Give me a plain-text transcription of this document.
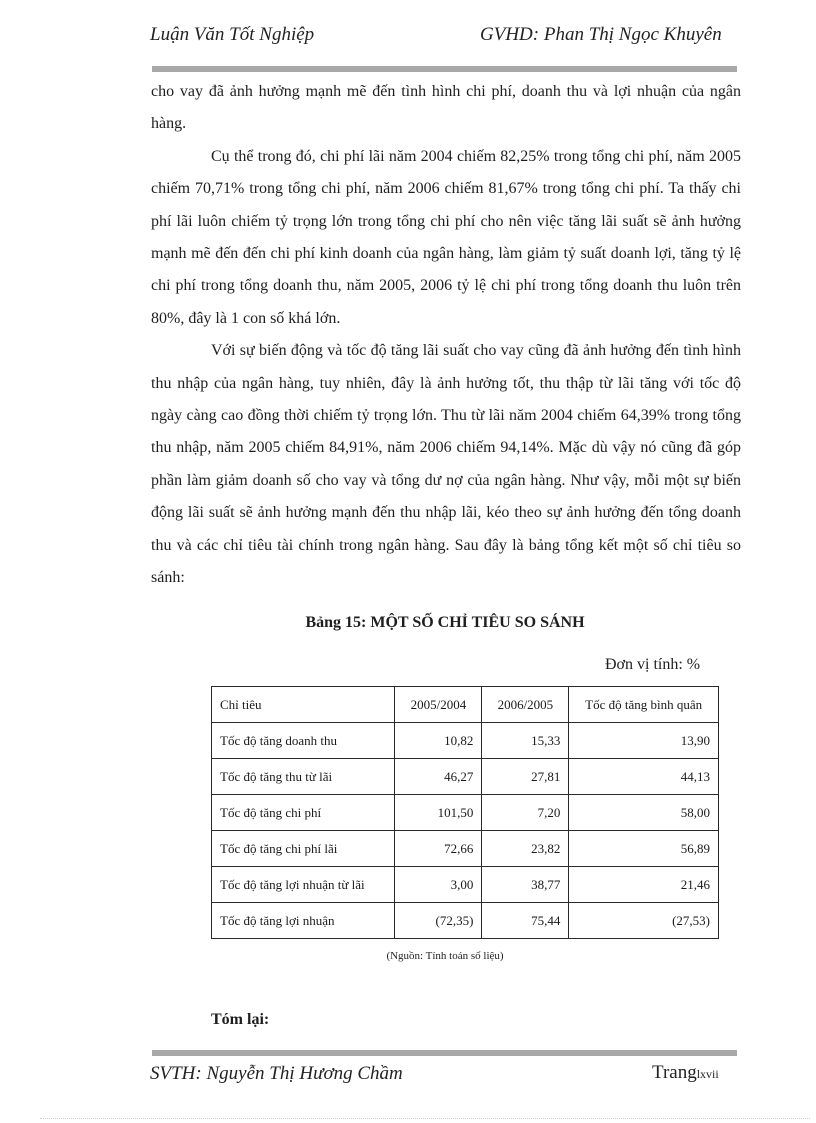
Luận Văn Tốt Nghiệp	GVHD: Phan Thị Ngọc Khuyên

cho vay đã ảnh hưởng mạnh mẽ đến tình hình chi phí, doanh thu và lợi nhuận của ngân hàng.

Cụ thể trong đó, chi phí lãi năm 2004 chiếm 82,25% trong tổng chi phí, năm 2005 chiếm 70,71% trong tổng chi phí, năm 2006 chiếm 81,67% trong tổng chi phí. Ta thấy chi phí lãi luôn chiếm tỷ trọng lớn trong tổng chi phí cho nên việc tăng lãi suất sẽ ảnh hưởng mạnh mẽ đến đến chi phí kinh doanh của ngân hàng, làm giảm tỷ suất doanh lợi, tăng tỷ lệ chi phí trong tổng doanh thu, năm 2005, 2006 tỷ lệ chi phí trong tổng doanh thu luôn trên 80%, đây là 1 con số khá lớn.

Với sự biến động và tốc độ tăng lãi suất cho vay cũng đã ảnh hưởng đến tình hình thu nhập của ngân hàng, tuy nhiên, đây là ảnh hưởng tốt, thu thập từ lãi tăng với tốc độ ngày càng cao đồng thời chiếm tỷ trọng lớn. Thu từ lãi năm 2004 chiếm 64,39% trong tổng thu nhập, năm 2005 chiếm 84,91%, năm 2006 chiếm 94,14%. Mặc dù vậy nó cũng đã góp phần làm giảm doanh số cho vay và tổng dư nợ của ngân hàng. Như vậy, mỗi một sự biến động lãi suất sẽ ảnh hưởng mạnh đến thu nhập lãi, kéo theo sự ảnh hưởng đến tổng doanh thu và các chỉ tiêu tài chính trong ngân hàng. Sau đây là bảng tổng kết một số chỉ tiêu so sánh:

Bảng 15: MỘT SỐ CHỈ TIÊU SO SÁNH
Đơn vị tính: %
Chỉ tiêu	2005/2004	2006/2005	Tốc độ tăng bình quân
Tốc độ tăng doanh thu	10,82	15,33	13,90
Tốc độ tăng thu từ lãi	46,27	27,81	44,13
Tốc độ tăng chi phí	101,50	7,20	58,00
Tốc độ tăng chi phí lãi	72,66	23,82	56,89
Tốc độ tăng lợi nhuận từ lãi	3,00	38,77	21,46
Tốc độ tăng lợi nhuận	(72,35)	75,44	(27,53)
(Nguồn: Tính toán số liệu)
Tóm lại:
SVTH: Nguyễn Thị Hương Chầm	Tranglxvii
